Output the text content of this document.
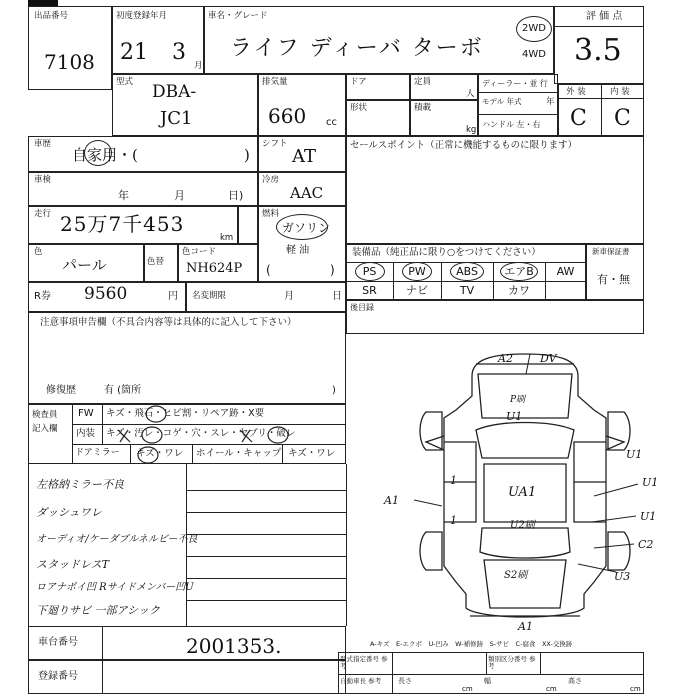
出品番号
7108
初度登録年月
21 3
月
車名・グレード
ライフ ディーバ ターボ
2WD
4WD
評 価 点
3.5
型式 DBA-
JC1
排気量
660 cc
ドア	定員
人
形状	積載
kg
ディーラー・並 行
モデル 年式	年
ハンドル 左・右
外 装	内 装
C C
車歴
自家用・(	)
シフト
AT
セールスポイント（正常に機能するものに限ります）
車検
年	月	日)
冷房
AAC
走行 25万7千453
km
燃料
ガソリン
軽 油
(	)
色
パール	色替
色コード
NH624P
装備品（純正品に限り○をつけてください）
PS	PW	ABS	エアB	AW
SR	ナビ	TV	カワ
新車保証書
有・無
R券 9560	円 名変期限	月	日
後目録
注意事項申告欄（不具合内容等は具体的に記入して下さい）
修復歴	有 (箇所	)
検査員
記入欄
FW キズ・飛石・ヒビ割・リペア跡・X要
内装 キズ・汚レ・コゲ・穴・スレ・ヤブリ・破レ
ドアミラー キズ・ワレ ホイール・キャップ キズ・ワレ
左格納ミラー不良
ダッシュワレ
オーディオ/ケーダブルネルビー不良
スタッドレスT
ロアナポイ凹 Rサイドメンバー凹U
下廻りサビ 一部アシック
A2 DV
P刷
U1
A1
UA1
U1
U2刷
1
1	U1
U1
C2
S2刷	U3
A1
A-キズ　E-エクボ　U-凹み　W-補修跡　S-サビ　C-腐食　XX-交換跡
車台番号	2001353.
登録番号
型式指定番号 参考
類別区分番号 参考
自動車長 参考	長さ
cm
幅
cm
高さ
cm
